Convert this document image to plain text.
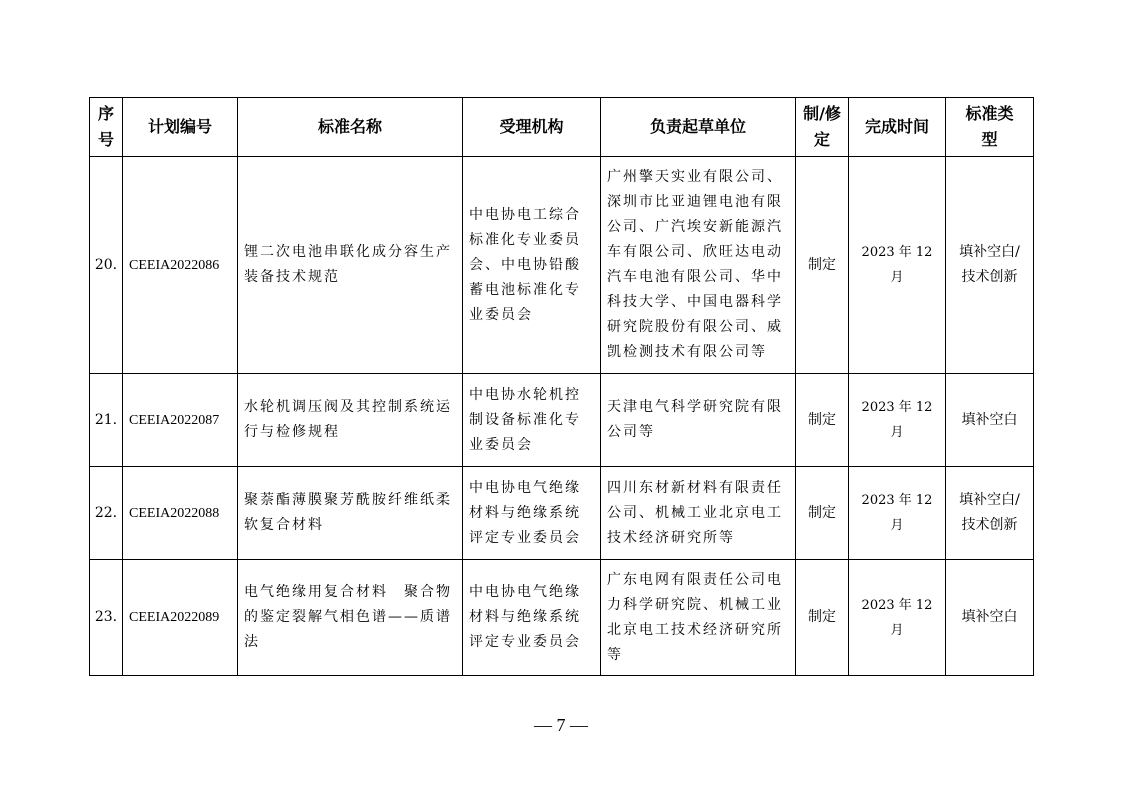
序号	计划编号	标准名称	受理机构	负责起草单位	制/修定	完成时间	标准类型
20.	CEEIA2022086	锂二次电池串联化成分容生产装备技术规范	中电协电工综合标准化专业委员会、中电协铅酸蓄电池标准化专业委员会	广州擎天实业有限公司、深圳市比亚迪锂电池有限公司、广汽埃安新能源汽车有限公司、欣旺达电动汽车电池有限公司、华中科技大学、中国电器科学研究院股份有限公司、威凯检测技术有限公司等	制定	2023 年 12 月	填补空白/技术创新
21.	CEEIA2022087	水轮机调压阀及其控制系统运行与检修规程	中电协水轮机控制设备标准化专业委员会	天津电气科学研究院有限公司等	制定	2023 年 12 月	填补空白
22.	CEEIA2022088	聚萘酯薄膜聚芳酰胺纤维纸柔软复合材料	中电协电气绝缘材料与绝缘系统评定专业委员会	四川东材新材料有限责任公司、机械工业北京电工技术经济研究所等	制定	2023 年 12 月	填补空白/技术创新
23.	CEEIA2022089	电气绝缘用复合材料　聚合物的鉴定裂解气相色谱——质谱法	中电协电气绝缘材料与绝缘系统评定专业委员会	广东电网有限责任公司电力科学研究院、机械工业北京电工技术经济研究所等	制定	2023 年 12 月	填补空白
— 7 —
